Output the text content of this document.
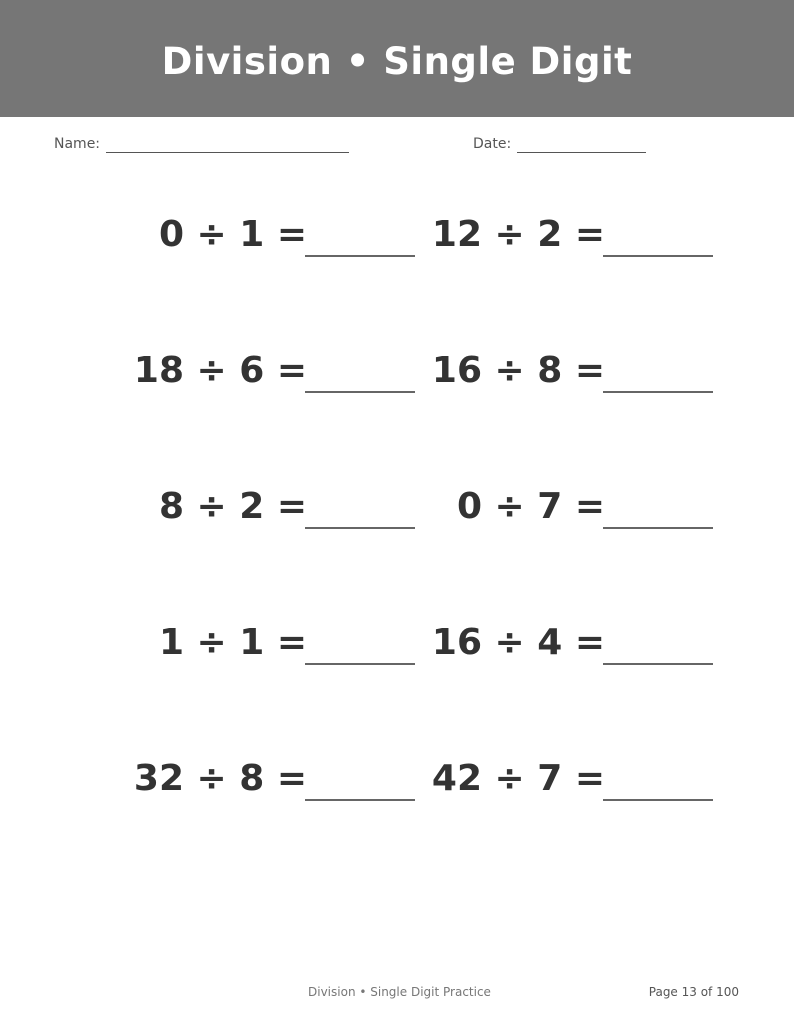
Division • Single Digit
Name:	Date:
0 ÷ 1 =	12 ÷ 2 =
18 ÷ 6 =	16 ÷ 8 =
8 ÷ 2 =	0 ÷ 7 =
1 ÷ 1 =	16 ÷ 4 =
32 ÷ 8 =	42 ÷ 7 =
Division • Single Digit Practice	Page 13 of 100
